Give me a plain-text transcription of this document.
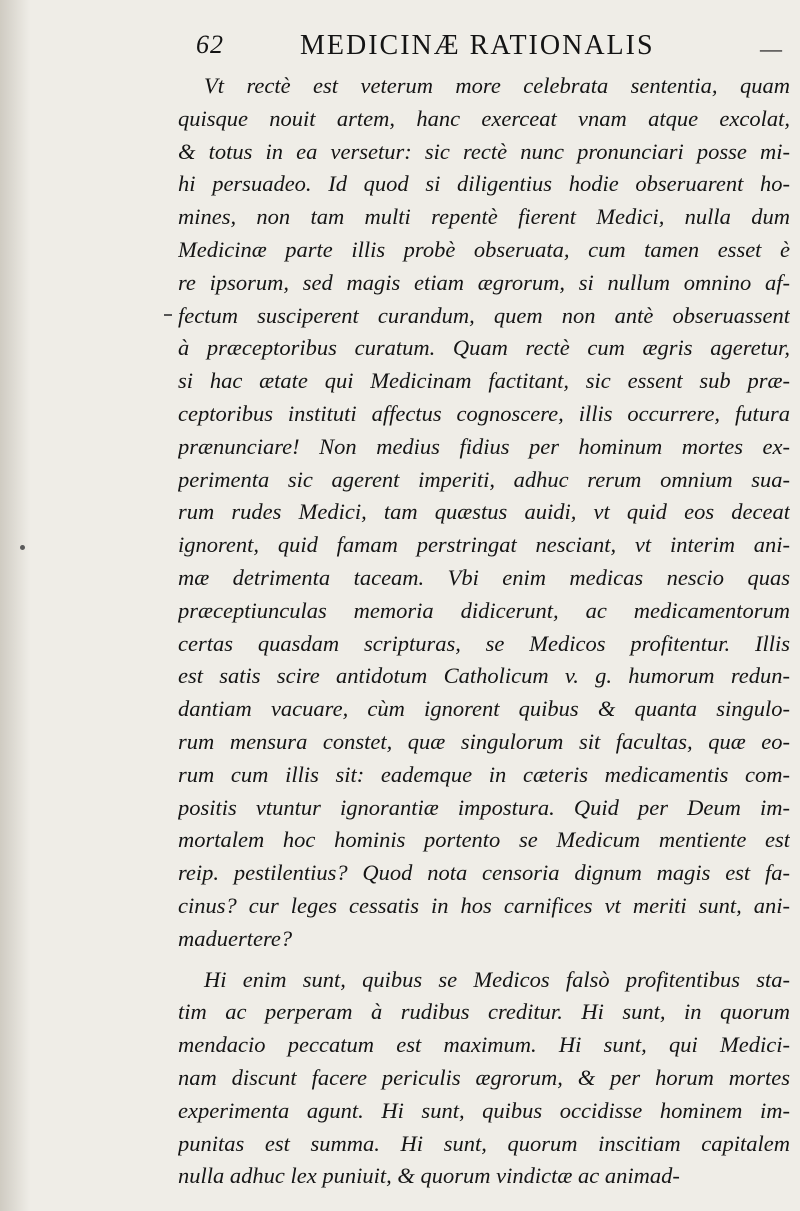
62	MEDICINÆ RATIONALIS	—
Vt rectè est veterum more celebrata sententia, quam
quisque nouit artem, hanc exerceat vnam atque excolat,
& totus in ea versetur: sic rectè nunc pronunciari posse mi-
hi persuadeo. Id quod si diligentius hodie obseruarent ho-
mines, non tam multi repentè fierent Medici, nulla dum
Medicinæ parte illis probè obseruata, cum tamen esset è
re ipsorum, sed magis etiam ægrorum, si nullum omnino af-
fectum susciperent curandum, quem non antè obseruassent
à præceptoribus curatum. Quam rectè cum ægris ageretur,
si hac ætate qui Medicinam factitant, sic essent sub præ-
ceptoribus instituti affectus cognoscere, illis occurrere, futura
prænunciare! Non medius fidius per hominum mortes ex-
perimenta sic agerent imperiti, adhuc rerum omnium sua-
rum rudes Medici, tam quæstus auidi, vt quid eos deceat
ignorent, quid famam perstringat nesciant, vt interim ani-
mæ detrimenta taceam. Vbi enim medicas nescio quas
præceptiunculas memoria didicerunt, ac medicamentorum
certas quasdam scripturas, se Medicos profitentur. Illis
est satis scire antidotum Catholicum v. g. humorum redun-
dantiam vacuare, cùm ignorent quibus & quanta singulo-
rum mensura constet, quæ singulorum sit facultas, quæ eo-
rum cum illis sit: eademque in cæteris medicamentis com-
positis vtuntur ignorantiæ impostura. Quid per Deum im-
mortalem hoc hominis portento se Medicum mentiente est
reip. pestilentius? Quod nota censoria dignum magis est fa-
cinus? cur leges cessatis in hos carnifices vt meriti sunt, ani-
maduertere?
Hi enim sunt, quibus se Medicos falsò profitentibus sta-
tim ac perperam à rudibus creditur. Hi sunt, in quorum
mendacio peccatum est maximum. Hi sunt, qui Medici-
nam discunt facere periculis ægrorum, & per horum mortes
experimenta agunt. Hi sunt, quibus occidisse hominem im-
punitas est summa. Hi sunt, quorum inscitiam capitalem
nulla adhuc lex puniuit, & quorum vindictæ ac animad-
